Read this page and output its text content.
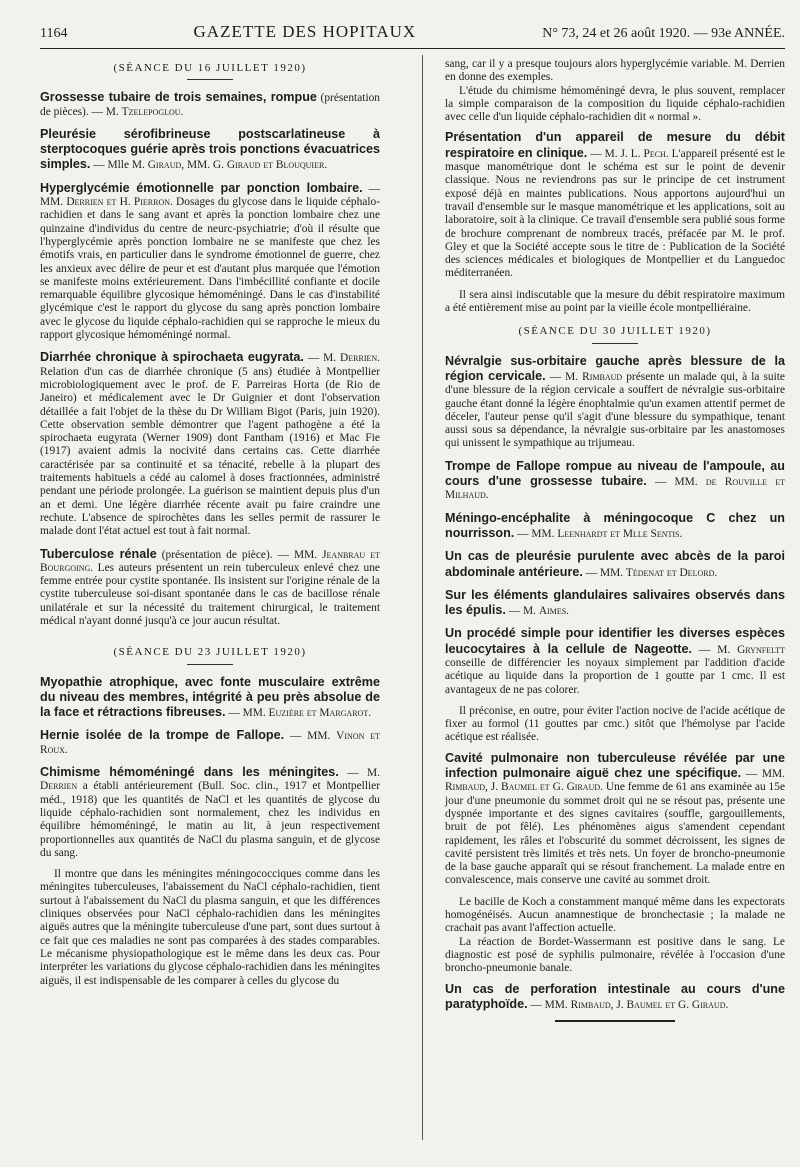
1164	GAZETTE DES HOPITAUX	N° 73, 24 et 26 août 1920. — 93e ANNÉE.
(SÉANCE DU 16 JUILLET 1920)

Grossesse tubaire de trois semaines, rompue (présentation de pièces). — M. Tzelepoglou.

Pleurésie sérofibrineuse postscarlatineuse à sterptocoques guérie après trois ponctions évacuatrices simples. — Mlle M. Giraud, MM. G. Giraud et Blouquier.

Hyperglycémie émotionnelle par ponction lombaire. — MM. Derrien et H. Pierron. Dosages du glycose dans le liquide céphalo-rachidien et dans le sang avant et après la ponction lombaire chez une quinzaine d'individus du centre de neurc-psychiatrie; d'où il résulte que l'hyperglycémie après ponction lombaire ne se manifeste que chez les émotifs vrais, en particulier dans le syndrome émotionnel de guerre, chez les anxieux avec délire de peur et est d'autant plus marquée que l'émotion se manifeste moins extérieurement. Dans l'imbécillité confiante et docile remarquable équilibre glycosique hémoméningé. Dans le cas d'instabilité glycémique c'est le rapport du glycose du sang après ponction lombaire avec le glycose du liquide céphalo-rachidien qui se rapproche le mieux du rapport glycosique hémoméningé normal.

Diarrhée chronique à spirochaeta eugyrata. — M. Derrien. Relation d'un cas de diarrhée chronique (5 ans) étudiée à Montpellier microbiologiquement avec le prof. de F. Parreiras Horta (de Rio de Janeiro) et médicalement avec le Dr Guignier et dont l'observation détaillée a fait l'objet de la thèse du Dr William Bigot (Paris, juin 1920). Cette observation semble démontrer que l'agent pathogène a été la spirochaeta eugyrata (Werner 1909) dont Fantham (1916) et Mac Fie (1917) avaient admis la nocivité dans certains cas. Cette diarrhée caractérisée par sa continuité et sa ténacité, rebelle à la plupart des traitements habituels a cédé au calomel à doses fractionnées, administré pendant une période prolongée. La guérison se maintient depuis plus d'un an et demi. Une légère diarrhée récente avait pu faire craindre une rechute. L'absence de spirochètes dans les selles permit de rassurer le malade dont l'état actuel est tout à fait normal.

Tuberculose rénale (présentation de pièce). — MM. Jeanbrau et Bourgoing. Les auteurs présentent un rein tuberculeux enlevé chez une femme entrée pour cystite spontanée. Ils insistent sur l'origine rénale de la cystite tuberculeuse soi-disant spontanée dans le cas de bacillose rénale unilatérale et sur la nécessité du traitement chirurgical, le traitement médical n'ayant donné jusqu'à ce jour aucun résultat.

(SÉANCE DU 23 JUILLET 1920)

Myopathie atrophique, avec fonte musculaire extrême du niveau des membres, intégrité à peu près absolue de la face et rétractions fibreuses. — MM. Euzière et Margarot.

Hernie isolée de la trompe de Fallope. — MM. Vinon et Roux.

Chimisme hémoméningé dans les méningites. — M. Derrien a établi antérieurement (Bull. Soc. clin., 1917 et Montpellier méd., 1918) que les quantités de NaCl et les quantités de glycose du liquide céphalo-rachidien sont normalement, chez les individus en équilibre hémoméningé, le matin au lit, à jeun respectivement proportionnelles aux quantités de NaCl du plasma sanguin, et de glycose du sang.

Il montre que dans les méningites méningococciques comme dans les méningites tuberculeuses, l'abaissement du NaCl céphalo-rachidien, tient surtout à l'abaissement du NaCl du plasma sanguin, et que les différences cliniques observées pour NaCl céphalo-rachidien dans les méningites aiguës autres que la méningite tuberculeuse d'une part, sont dues surtout à ce fait que ces maladies ne sont pas comparées à des stades comparables. Le mécanisme physiopathologique est le même dans les deux cas. Pour interpréter les variations du glycose céphalo-rachidien dans les méningites aiguës, il est indispensable de les comparer à celles du glycose du

sang, car il y a presque toujours alors hyperglycémie variable. M. Derrien en donne des exemples.

L'étude du chimisme hémoméningé devra, le plus souvent, remplacer la simple comparaison de la composition du liquide céphalo-rachidien avec celle d'un liquide céphalo-rachidien dit « normal ».

Présentation d'un appareil de mesure du débit respiratoire en clinique. — M. J. L. Pech. L'appareil présenté est le masque manométrique dont le schéma est sur le point de devenir classique. Nous ne reviendrons pas sur le principe de cet instrument exposé déjà en maintes publications. Nous apportons aujourd'hui un travail d'ensemble sur le masque manométrique et les applications, soit au laboratoire, soit à la clinique. Ce travail d'ensemble sera publié sous forme de brochure comprenant de nombreux tracés, préfacée par M. le prof. Gley et que la Société accepte sous le titre de : Publication de la Société des sciences médicales et biologiques de Montpellier et du Languedoc méditerranéen.

Il sera ainsi indiscutable que la mesure du débit respiratoire maximum a été entièrement mise au point par la vieille école montpelliéraine.

(SÉANCE DU 30 JUILLET 1920)

Névralgie sus-orbitaire gauche après blessure de la région cervicale. — M. Rimbaud présente un malade qui, à la suite d'une blessure de la région cervicale a souffert de névralgie sus-orbitaire gauche étant donné la légère énophtalmie qu'un examen attentif permet de déceler, l'auteur pense qu'il s'agit d'une blessure du sympathique, tenant aussi sous sa dépendance, la névralgie sus-orbitaire par les anastomoses qui unissent le sympathique au trijumeau.

Trompe de Fallope rompue au niveau de l'ampoule, au cours d'une grossesse tubaire. — MM. de Rouville et Milhaud.

Méningo-encéphalite à méningocoque C chez un nourrisson. — MM. Leenhardt et Mlle Sentis.

Un cas de pleurésie purulente avec abcès de la paroi abdominale antérieure. — MM. Tédenat et Delord.

Sur les éléments glandulaires salivaires observés dans les épulis. — M. Aimes.

Un procédé simple pour identifier les diverses espèces leucocytaires à la cellule de Nageotte. — M. Grynfeltt conseille de différencier les noyaux simplement par l'addition d'acide acétique au liquide dans la proportion de 1 goutte par 1 cmc. Il est avantageux de ne pas colorer.

Il préconise, en outre, pour éviter l'action nocive de l'acide acétique de fixer au formol (11 gouttes par cmc.) sitôt que l'hémolyse par l'acide acétique est réalisée.

Cavité pulmonaire non tuberculeuse révélée par une infection pulmonaire aiguë chez une spécifique. — MM. Rimbaud, J. Baumel et G. Giraud. Une femme de 61 ans examinée au 15e jour d'une pneumonie du sommet droit qui ne se résout pas, présente une dyspnée importante et des signes cavitaires (souffle, gargouillements, bruit de pot fêlé). Les phénomènes aigus s'amendent cependant rapidement, les râles et l'obscurité du sommet décroissent, les signes de cavité persistent très limités et très nets. Un foyer de broncho-pneumonie de la base gauche apparaît qui se résout franchement. La malade entre en convalescence, mais conserve une cavité au sommet droit.

Le bacille de Koch a constamment manqué même dans les expectorats homogénéisés. Aucun anamnestique de bronchectasie ; la malade ne crachait pas avant l'affection actuelle.

La réaction de Bordet-Wassermann est positive dans le sang. Le diagnostic est posé de syphilis pulmonaire, révélée à l'occasion d'une broncho-pneumonie banale.

Un cas de perforation intestinale au cours d'une paratyphoïde. — MM. Rimbaud, J. Baumel et G. Giraud.
